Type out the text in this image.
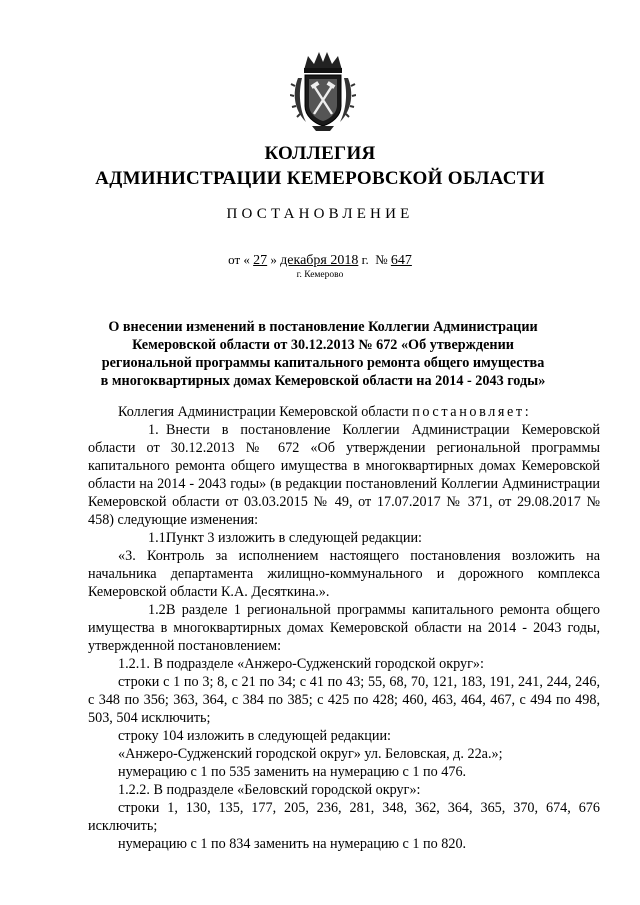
КОЛЛЕГИЯ
АДМИНИСТРАЦИИ КЕМЕРОВСКОЙ ОБЛАСТИ
ПОСТАНОВЛЕНИЕ
от « 27 » декабря 2018 г. № 647
г. Кемерово
О внесении изменений в постановление Коллегии Администрации Кемеровской области от 30.12.2013 № 672 «Об утверждении региональной программы капитального ремонта общего имущества в многоквартирных домах Кемеровской области на 2014 - 2043 годы»

Коллегия Администрации Кемеровской области постановляет:

1. Внести в постановление Коллегии Администрации Кемеровской области от 30.12.2013 № 672 «Об утверждении региональной программы капитального ремонта общего имущества в многоквартирных домах Кемеровской области на 2014 - 2043 годы» (в редакции постановлений Коллегии Администрации Кемеровской области от 03.03.2015 № 49, от 17.07.2017 № 371, от 29.08.2017 № 458) следующие изменения:

1.1.Пункт 3 изложить в следующей редакции:

«3. Контроль за исполнением настоящего постановления возложить на начальника департамента жилищно-коммунального и дорожного комплекса Кемеровской области К.А. Десяткина.».

1.2.В разделе 1 региональной программы капитального ремонта общего имущества в многоквартирных домах Кемеровской области на 2014 - 2043 годы, утвержденной постановлением:

1.2.1. В подразделе «Анжеро-Судженский городской округ»:

строки с 1 по 3; 8, с 21 по 34; с 41 по 43; 55, 68, 70, 121, 183, 191, 241, 244, 246, с 348 по 356; 363, 364, с 384 по 385; с 425 по 428; 460, 463, 464, 467, с 494 по 498, 503, 504 исключить;

строку 104 изложить в следующей редакции:

«Анжеро-Судженский городской округ» ул. Беловская, д. 22а.»;

нумерацию с 1 по 535 заменить на нумерацию с 1 по 476.

1.2.2. В подразделе «Беловский городской округ»:

строки 1, 130, 135, 177, 205, 236, 281, 348, 362, 364, 365, 370, 674, 676 исключить;

нумерацию с 1 по 834 заменить на нумерацию с 1 по 820.
